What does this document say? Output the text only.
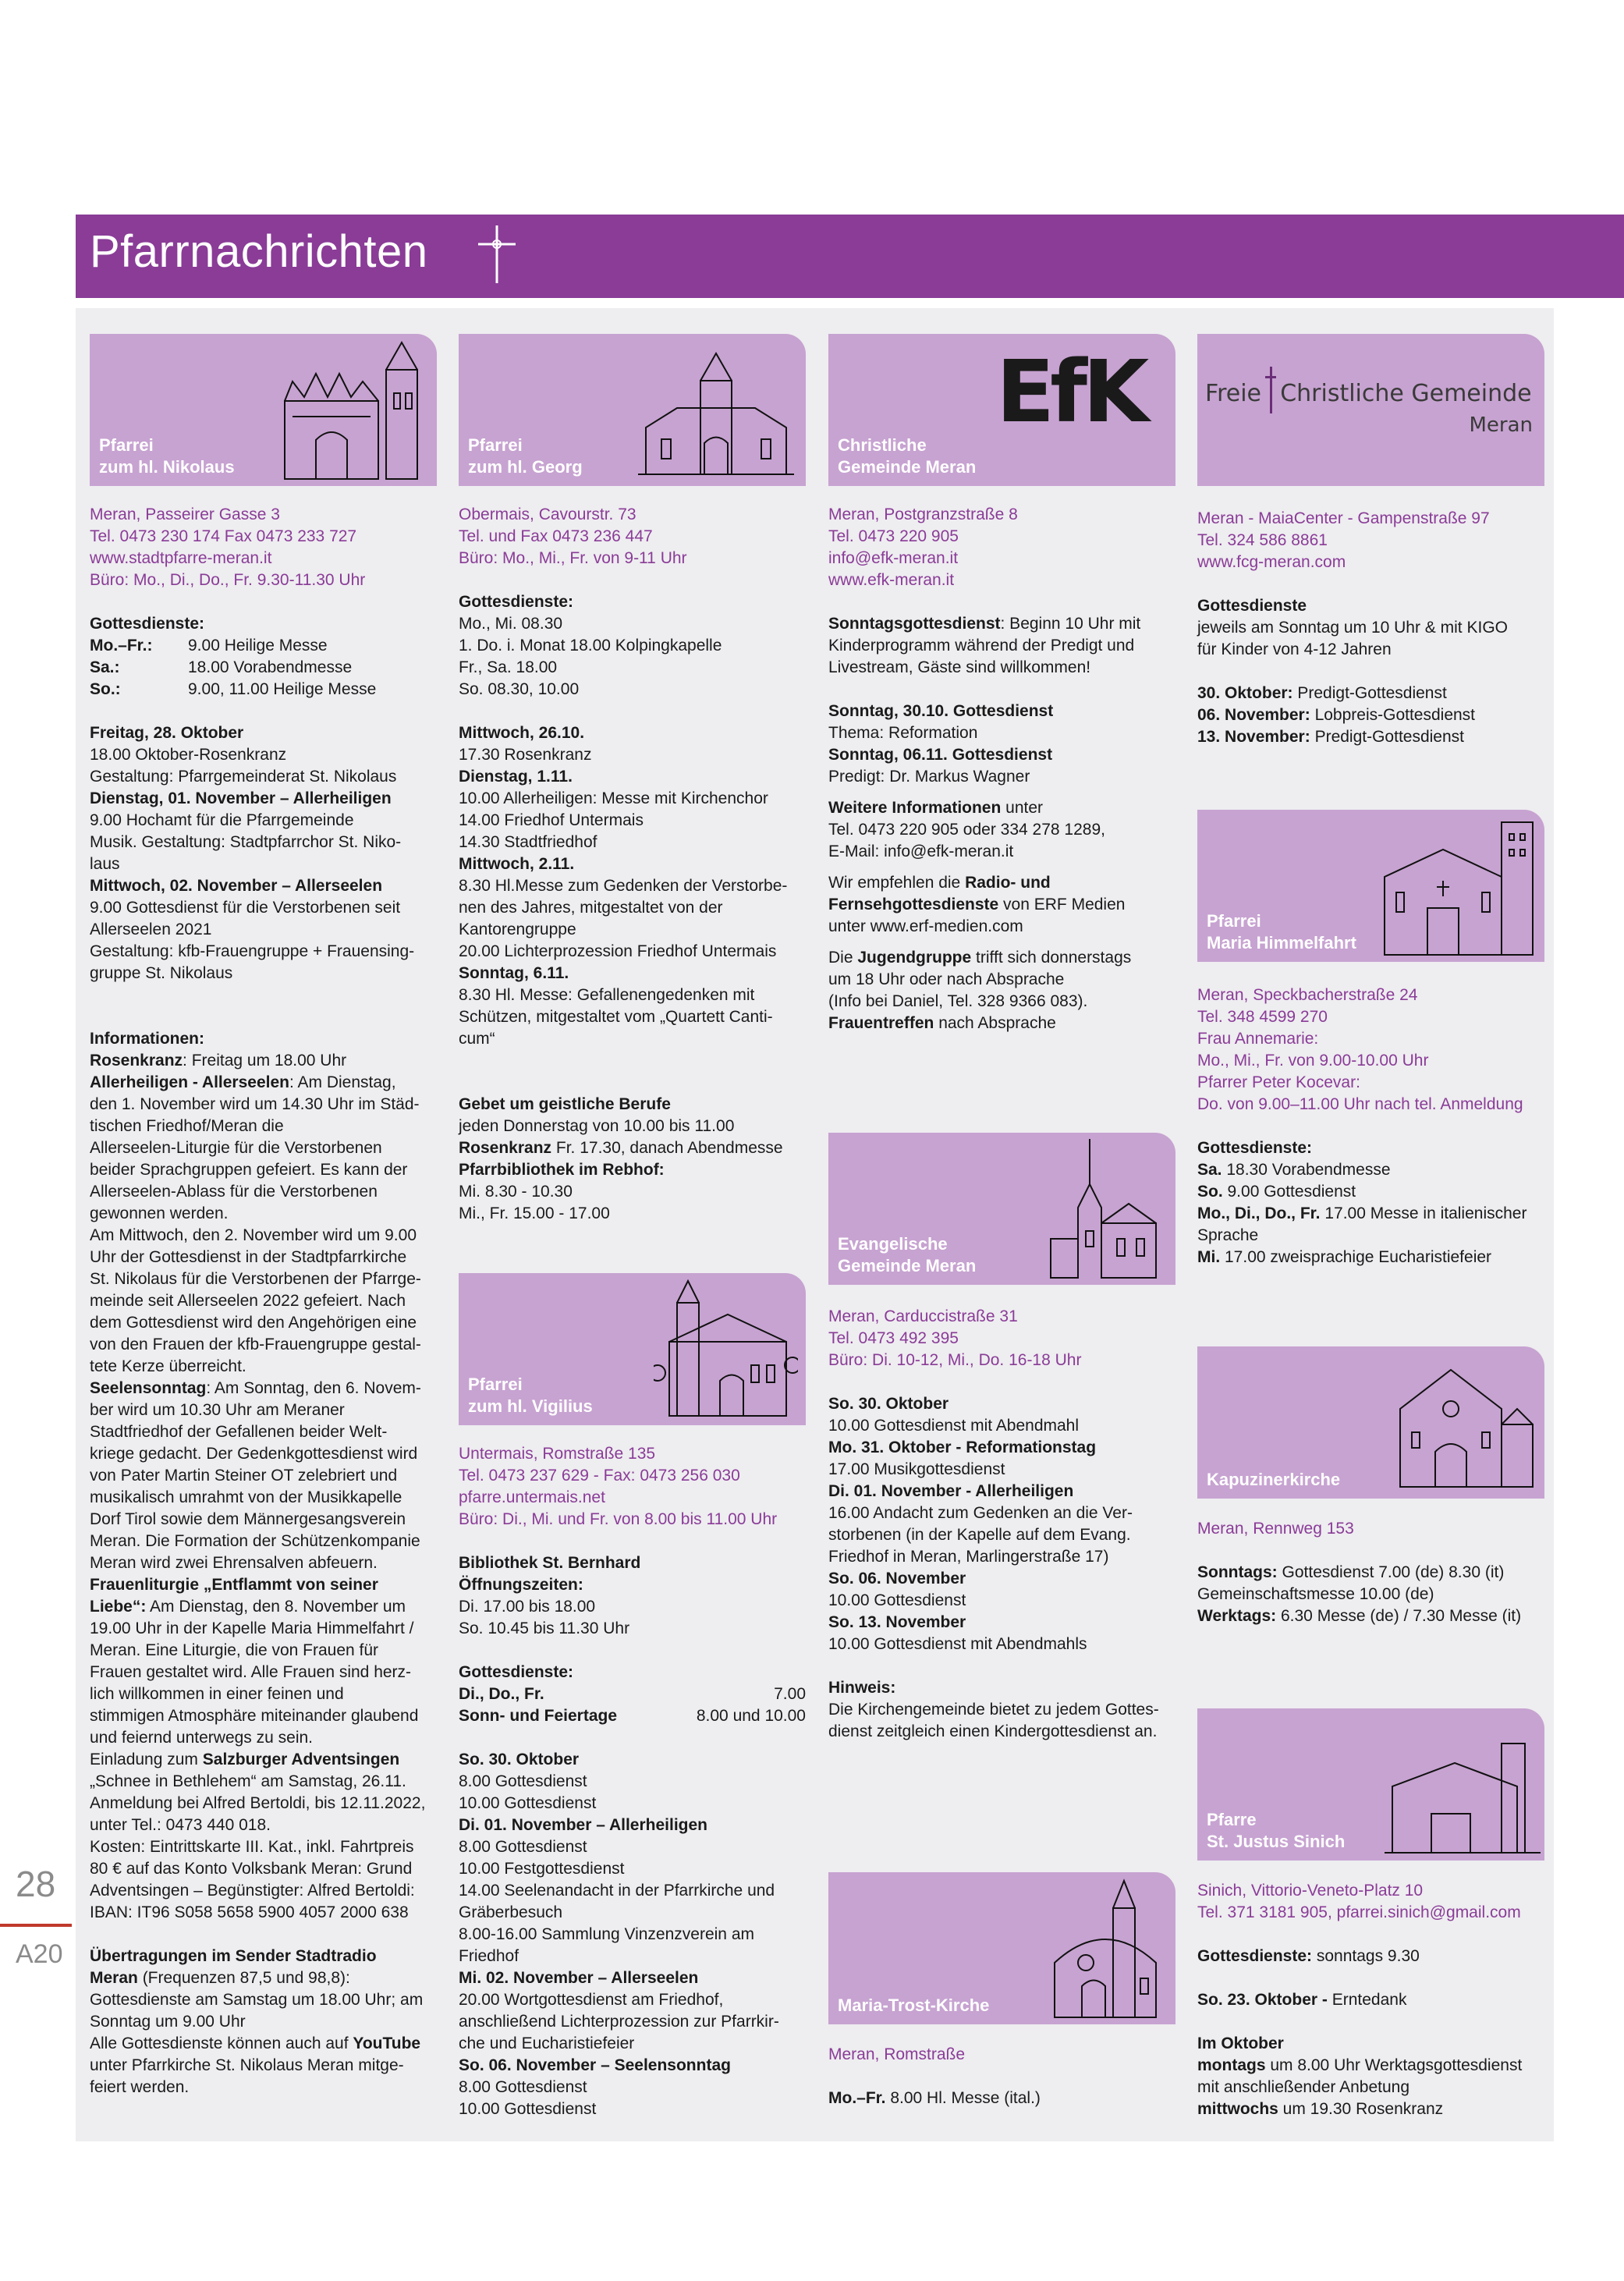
Pfarrnachrichten
28
A20
Pfarrei
zum hl. Nikolaus
Meran, Passeirer Gasse 3
Tel. 0473 230 174 Fax 0473 233 727
www.stadtpfarre-meran.it
Büro: Mo., Di., Do., Fr. 9.30-11.30 Uhr
Gottesdienste:
Mo.–Fr.: 9.00 Heilige Messe
Sa.:	18.00 Vorabendmesse
So.:	9.00, 11.00 Heilige Messe
Freitag, 28. Oktober
18.00 Oktober-Rosenkranz
Gestaltung: Pfarrgemeinderat St. Nikolaus
Dienstag, 01. November – Allerheiligen
9.00 Hochamt für die Pfarrgemeinde
Musik. Gestaltung: Stadtpfarrchor St. Niko-
laus
Mittwoch, 02. November – Allerseelen
9.00 Gottesdienst für die Verstorbenen seit
Allerseelen 2021
Gestaltung: kfb-Frauengruppe + Frauensing-
gruppe St. Nikolaus
Informationen:
Rosenkranz: Freitag um 18.00 Uhr
Allerheiligen - Allerseelen: Am Dienstag,
den 1. November wird um 14.30 Uhr im Städ-
tischen Friedhof/Meran die
Allerseelen-Liturgie für die Verstorbenen
beider Sprachgruppen gefeiert. Es kann der
Allerseelen-Ablass für die Verstorbenen
gewonnen werden.
Am Mittwoch, den 2. November wird um 9.00
Uhr der Gottesdienst in der Stadtpfarrkirche
St. Nikolaus für die Verstorbenen der Pfarrge-
meinde seit Allerseelen 2022 gefeiert. Nach
dem Gottesdienst wird den Angehörigen eine
von den Frauen der kfb-Frauengruppe gestal-
tete Kerze überreicht.
Seelensonntag: Am Sonntag, den 6. Novem-
ber wird um 10.30 Uhr am Meraner
Stadtfriedhof der Gefallenen beider Welt-
kriege gedacht. Der Gedenkgottesdienst wird
von Pater Martin Steiner OT zelebriert und
musikalisch umrahmt von der Musikkapelle
Dorf Tirol sowie dem Männergesangsverein
Meran. Die Formation der Schützenkompanie
Meran wird zwei Ehrensalven abfeuern.
Frauenliturgie „Entflammt von seiner
Liebe“: Am Dienstag, den 8. November um
19.00 Uhr in der Kapelle Maria Himmelfahrt /
Meran. Eine Liturgie, die von Frauen für
Frauen gestaltet wird. Alle Frauen sind herz-
lich willkommen in einer feinen und
stimmigen Atmosphäre miteinander glaubend
und feiernd unterwegs zu sein.
Einladung zum Salzburger Adventsingen
„Schnee in Bethlehem“ am Samstag, 26.11.
Anmeldung bei Alfred Bertoldi, bis 12.11.2022,
unter Tel.: 0473 440 018.
Kosten: Eintrittskarte III. Kat., inkl. Fahrtpreis
80 € auf das Konto Volksbank Meran: Grund
Adventsingen – Begünstigter: Alfred Bertoldi:
IBAN: IT96 S058 5658 5900 4057 2000 638
Übertragungen im Sender Stadtradio
Meran (Frequenzen 87,5 und 98,8):
Gottesdienste am Samstag um 18.00 Uhr; am
Sonntag um 9.00 Uhr
Alle Gottesdienste können auch auf YouTube
unter Pfarrkirche St. Nikolaus Meran mitge-
feiert werden.
Pfarrei
zum hl. Georg
Obermais, Cavourstr. 73
Tel. und Fax 0473 236 447
Büro: Mo., Mi., Fr. von 9-11 Uhr
Gottesdienste:
Mo., Mi. 08.30
1. Do. i. Monat 18.00 Kolpingkapelle
Fr., Sa. 18.00
So. 08.30, 10.00
Mittwoch, 26.10.
17.30 Rosenkranz
Dienstag, 1.11.
10.00 Allerheiligen: Messe mit Kirchenchor
14.00 Friedhof Untermais
14.30 Stadtfriedhof
Mittwoch, 2.11.
8.30 Hl.Messe zum Gedenken der Verstorbe-
nen des Jahres, mitgestaltet von der
Kantorengruppe
20.00 Lichterprozession Friedhof Untermais
Sonntag, 6.11.
8.30 Hl. Messe: Gefallenengedenken mit
Schützen, mitgestaltet vom „Quartett Canti-
cum“
Gebet um geistliche Berufe
jeden Donnerstag von 10.00 bis 11.00
Rosenkranz Fr. 17.30, danach Abendmesse
Pfarrbibliothek im Rebhof:
Mi. 8.30 - 10.30
Mi., Fr. 15.00 - 17.00
Pfarrei
zum hl. Vigilius
Untermais, Romstraße 135
Tel. 0473 237 629 - Fax: 0473 256 030
pfarre.untermais.net
Büro: Di., Mi. und Fr. von 8.00 bis 11.00 Uhr
Bibliothek St. Bernhard
Öffnungszeiten:
Di. 17.00 bis 18.00
So. 10.45 bis 11.30 Uhr
Gottesdienste:
Di., Do., Fr.	7.00
Sonn- und Feiertage	8.00 und 10.00
So. 30. Oktober
8.00 Gottesdienst
10.00 Gottesdienst
Di. 01. November – Allerheiligen
8.00 Gottesdienst
10.00 Festgottesdienst
14.00 Seelenandacht in der Pfarrkirche und
Gräberbesuch
8.00-16.00 Sammlung Vinzenzverein am
Friedhof
Mi. 02. November – Allerseelen
20.00 Wortgottesdienst am Friedhof,
anschließend Lichterprozession zur Pfarrkir-
che und Eucharistiefeier
So. 06. November – Seelensonntag
8.00 Gottesdienst
10.00 Gottesdienst
EfK
Christliche
Gemeinde Meran
Meran, Postgranzstraße 8
Tel. 0473 220 905
info@efk-meran.it
www.efk-meran.it
Sonntagsgottesdienst: Beginn 10 Uhr mit
Kinderprogramm während der Predigt und
Livestream, Gäste sind willkommen!
Sonntag, 30.10. Gottesdienst
Thema: Reformation
Sonntag, 06.11. Gottesdienst
Predigt: Dr. Markus Wagner
Weitere Informationen unter
Tel. 0473 220 905 oder 334 278 1289,
E-Mail: info@efk-meran.it
Wir empfehlen die Radio- und
Fernsehgottesdienste von ERF Medien
unter www.erf-medien.com
Die Jugendgruppe trifft sich donnerstags
um 18 Uhr oder nach Absprache
(Info bei Daniel, Tel. 328 9366 083).
Frauentreffen nach Absprache
Evangelische
Gemeinde Meran
Meran, Carduccistraße 31
Tel. 0473 492 395
Büro: Di. 10-12, Mi., Do. 16-18 Uhr
So. 30. Oktober
10.00 Gottesdienst mit Abendmahl
Mo. 31. Oktober - Reformationstag
17.00 Musikgottesdienst
Di. 01. November - Allerheiligen
16.00 Andacht zum Gedenken an die Ver-
storbenen (in der Kapelle auf dem Evang.
Friedhof in Meran, Marlingerstraße 17)
So. 06. November
10.00 Gottesdienst
So. 13. November
10.00 Gottesdienst mit Abendmahls
Hinweis:
Die Kirchengemeinde bietet zu jedem Gottes-
dienst zeitgleich einen Kindergottesdienst an.
Maria-Trost-Kirche
Meran, Romstraße
Mo.–Fr. 8.00 Hl. Messe (ital.)
Freie Christliche Gemeinde
Meran
Meran - MaiaCenter - Gampenstraße 97
Tel. 324 586 8861
www.fcg-meran.com
Gottesdienste
jeweils am Sonntag um 10 Uhr & mit KIGO
für Kinder von 4-12 Jahren
30. Oktober: Predigt-Gottesdienst
06. November: Lobpreis-Gottesdienst
13. November: Predigt-Gottesdienst
Pfarrei
Maria Himmelfahrt
Meran, Speckbacherstraße 24
Tel. 348 4599 270
Frau Annemarie:
Mo., Mi., Fr. von 9.00-10.00 Uhr
Pfarrer Peter Kocevar:
Do. von 9.00–11.00 Uhr nach tel. Anmeldung
Gottesdienste:
Sa. 18.30 Vorabendmesse
So. 9.00 Gottesdienst
Mo., Di., Do., Fr. 17.00 Messe in italienischer
Sprache
Mi. 17.00 zweisprachige Eucharistiefeier
Kapuzinerkirche
Meran, Rennweg 153
Sonntags: Gottesdienst 7.00 (de) 8.30 (it)
Gemeinschaftsmesse 10.00 (de)
Werktags: 6.30 Messe (de) / 7.30 Messe (it)
Pfarre
St. Justus Sinich
Sinich, Vittorio-Veneto-Platz 10
Tel. 371 3181 905, pfarrei.sinich@gmail.com
Gottesdienste: sonntags 9.30
So. 23. Oktober - Erntedank
Im Oktober
montags um 8.00 Uhr Werktagsgottesdienst
mit anschließender Anbetung
mittwochs um 19.30 Rosenkranz
